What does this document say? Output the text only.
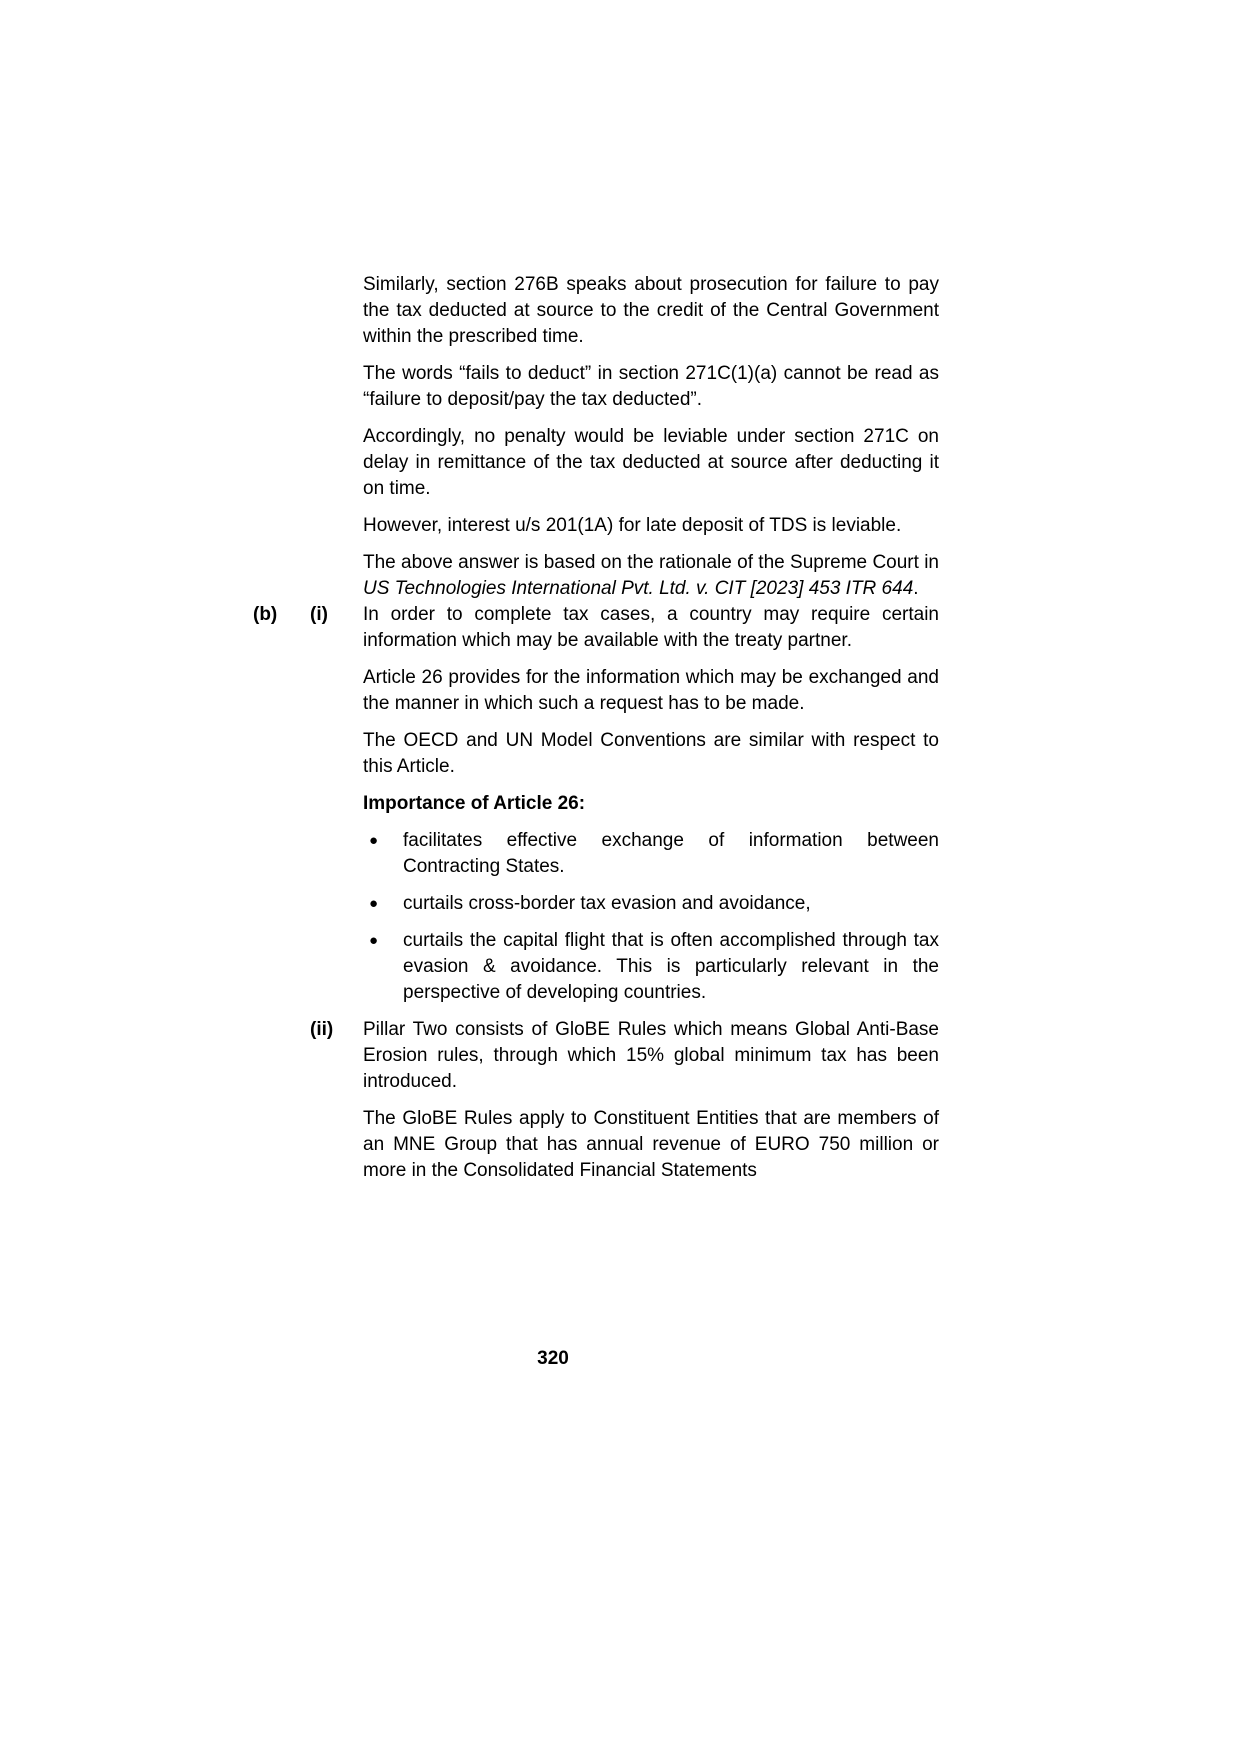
Similarly, section 276B speaks about prosecution for failure to pay the tax deducted at source to the credit of the Central Government within the prescribed time.

The words “fails to deduct” in section 271C(1)(a) cannot be read as “failure to deposit/pay the tax deducted”.

Accordingly, no penalty would be leviable under section 271C on delay in remittance of the tax deducted at source after deducting it on time.

However, interest u/s 201(1A) for late deposit of TDS is leviable.

The above answer is based on the rationale of the Supreme Court in US Technologies International Pvt. Ltd. v. CIT [2023] 453 ITR 644.

(b)	(i)	In order to complete tax cases, a country may require certain information which may be available with the treaty partner.

Article 26 provides for the information which may be exchanged and the manner in which such a request has to be made.

The OECD and UN Model Conventions are similar with respect to this Article.

Importance of Article 26:

●	facilitates effective exchange of information between Contracting States.

●	curtails cross-border tax evasion and avoidance,

●	curtails the capital flight that is often accomplished through tax evasion & avoidance. This is particularly relevant in the perspective of developing countries.

(ii)	Pillar Two consists of GloBE Rules which means Global Anti-Base Erosion rules, through which 15% global minimum tax has been introduced.

The GloBE Rules apply to Constituent Entities that are members of an MNE Group that has annual revenue of EURO 750 million or more in the Consolidated Financial Statements

320
